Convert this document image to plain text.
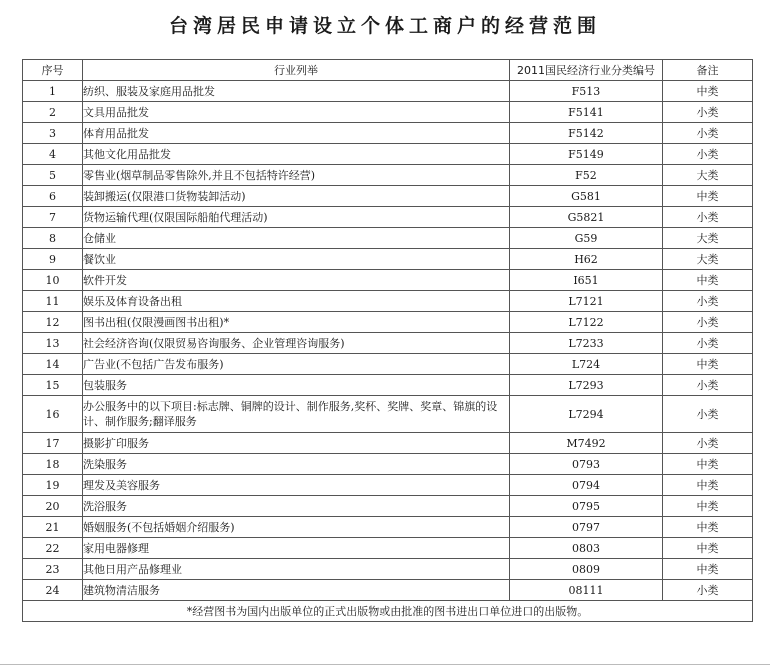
台湾居民申请设立个体工商户的经营范围
序号	行业列举	2011国民经济行业分类编号	备注
1	纺织、服装及家庭用品批发	F513	中类
2	文具用品批发	F5141	小类
3	体育用品批发	F5142	小类
4	其他文化用品批发	F5149	小类
5	零售业(烟草制品零售除外,并且不包括特许经营)	F52	大类
6	装卸搬运(仅限港口货物装卸活动)	G581	中类
7	货物运输代理(仅限国际船舶代理活动)	G5821	小类
8	仓储业	G59	大类
9	餐饮业	H62	大类
10	软件开发	I651	中类
11	娱乐及体育设备出租	L7121	小类
12	图书出租(仅限漫画图书出租)*	L7122	小类
13	社会经济咨询(仅限贸易咨询服务、企业管理咨询服务)	L7233	小类
14	广告业(不包括广告发布服务)	L724	中类
15	包装服务	L7293	小类
16	办公服务中的以下项目:标志牌、铜牌的设计、制作服务,奖杯、奖牌、奖章、锦旗的设计、制作服务;翻译服务	L7294	小类
17	摄影扩印服务	M7492	小类
18	洗染服务	0793	中类
19	理发及美容服务	0794	中类
20	洗浴服务	0795	中类
21	婚姻服务(不包括婚姻介绍服务)	0797	中类
22	家用电器修理	0803	中类
23	其他日用产品修理业	0809	中类
24	建筑物清洁服务	08111	小类
*经营图书为国内出版单位的正式出版物或由批准的图书进出口单位进口的出版物。			
